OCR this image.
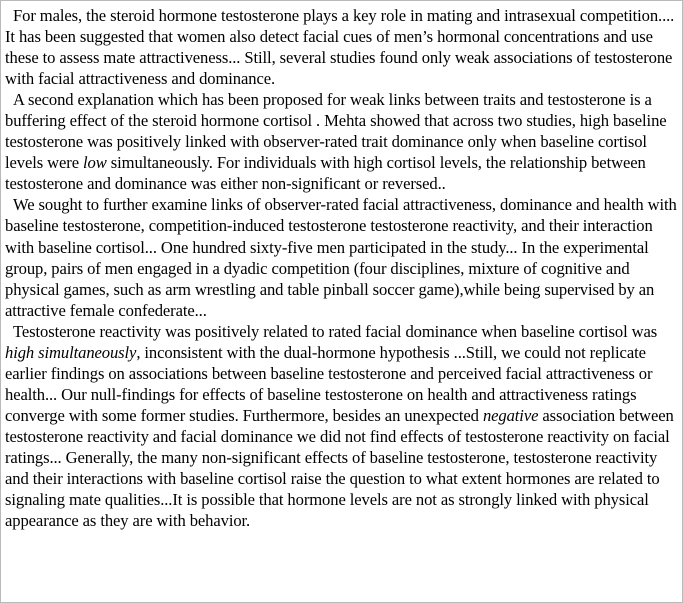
For males, the steroid hormone testosterone plays a key role in mating and intrasexual competition.... It has been suggested that women also detect facial cues of men’s hormonal concentrations and use these to assess mate attractiveness... Still, several studies found only weak associations of testosterone with facial attractiveness and dominance.

A second explanation which has been proposed for weak links between traits and testosterone is a buffering effect of the steroid hormone cortisol . Mehta showed that across two studies, high baseline testosterone was positively linked with observer-rated trait dominance only when baseline cortisol levels were low simultaneously. For individuals with high cortisol levels, the relationship between testosterone and dominance was either non-significant or reversed..

We sought to further examine links of observer-rated facial attractiveness, dominance and health with baseline testosterone, competition-induced testosterone testosterone reactivity, and their interaction with baseline cortisol... One hundred sixty-five men participated in the study... In the experimental group, pairs of men engaged in a dyadic competition (four disciplines, mixture of cognitive and physical games, such as arm wrestling and table pinball soccer game),while being supervised by an attractive female confederate...

Testosterone reactivity was positively related to rated facial dominance when baseline cortisol was high simultaneously, inconsistent with the dual-hormone hypothesis ...Still, we could not replicate earlier findings on associations between baseline testosterone and perceived facial attractiveness or health... Our null-findings for effects of baseline testosterone on health and attractiveness ratings converge with some former studies. Furthermore, besides an unexpected negative association between testosterone reactivity and facial dominance we did not find effects of testosterone reactivity on facial ratings... Generally, the many non-significant effects of baseline testosterone, testosterone reactivity and their interactions with baseline cortisol raise the question to what extent hormones are related to signaling mate qualities...It is possible that hormone levels are not as strongly linked with physical appearance as they are with behavior.
